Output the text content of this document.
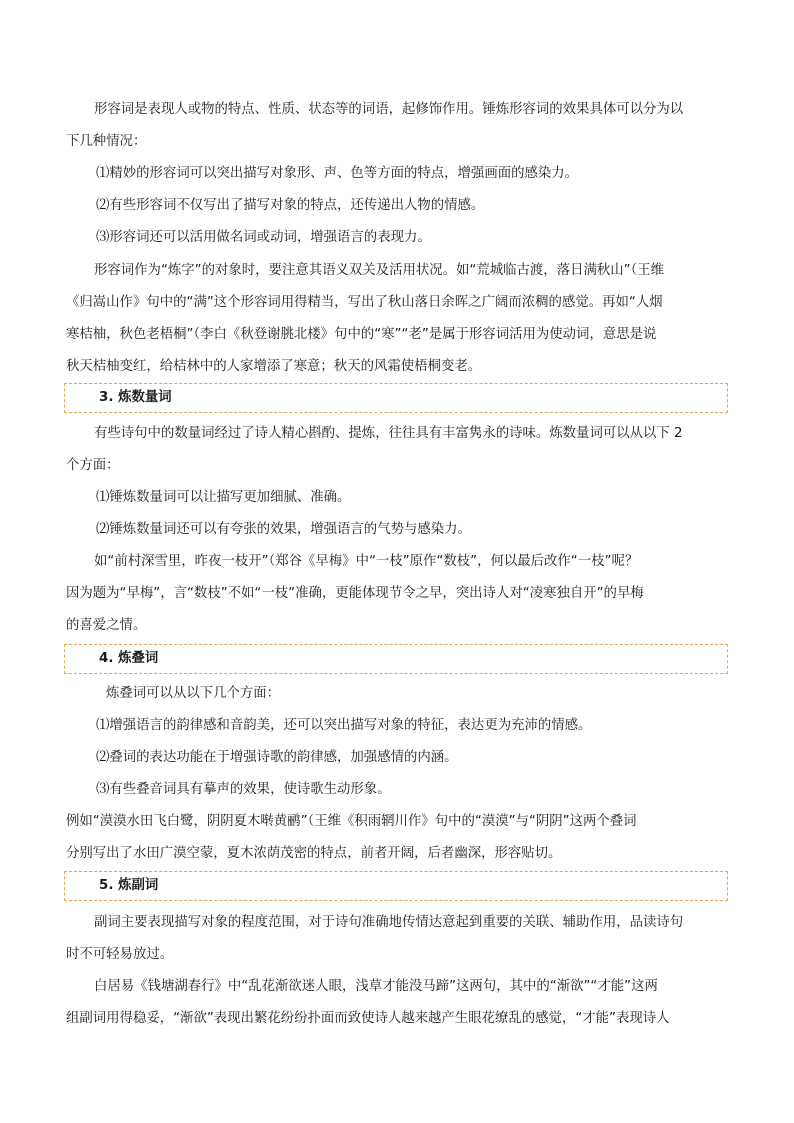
形容词是表现人或物的特点、性质、状态等的词语，起修饰作用。锤炼形容词的效果具体可以分为以

下几种情况：

⑴精妙的形容词可以突出描写对象形、声、色等方面的特点，增强画面的感染力。

⑵有些形容词不仅写出了描写对象的特点，还传递出人物的情感。

⑶形容词还可以活用做名词或动词，增强语言的表现力。

形容词作为“炼字”的对象时，要注意其语义双关及活用状况。如“荒城临古渡，落日满秋山”（王维

《归嵩山作》句中的“满”这个形容词用得精当，写出了秋山落日余晖之广阔而浓稠的感觉。再如“人烟

寒桔柚，秋色老梧桐”（李白《秋登谢朓北楼》句中的“寒”“老”是属于形容词活用为使动词，意思是说

秋天桔柚变红，给桔林中的人家增添了寒意；秋天的风霜使梧桐变老。

3. 炼数量词

有些诗句中的数量词经过了诗人精心斟酌、提炼，往往具有丰富隽永的诗味。炼数量词可以从以下 2

个方面：

⑴锤炼数量词可以让描写更加细腻、准确。

⑵锤炼数量词还可以有夸张的效果，增强语言的气势与感染力。

如“前村深雪里，昨夜一枝开”（郑谷《早梅》中“一枝”原作“数枝”，何以最后改作“一枝”呢？

因为题为“早梅”，言“数枝”不如“一枝”准确，更能体现节令之早，突出诗人对“凌寒独自开”的早梅

的喜爱之情。

4. 炼叠词

炼叠词可以从以下几个方面：

⑴增强语言的韵律感和音韵美，还可以突出描写对象的特征，表达更为充沛的情感。

⑵叠词的表达功能在于增强诗歌的韵律感，加强感情的内涵。

⑶有些叠音词具有摹声的效果，使诗歌生动形象。

例如“漠漠水田飞白鹭，阴阴夏木啭黄鹂”（王维《积雨辋川作》句中的“漠漠”与“阴阴”这两个叠词

分别写出了水田广漠空蒙，夏木浓荫茂密的特点，前者开阔，后者幽深，形容贴切。

5. 炼副词

副词主要表现描写对象的程度范围，对于诗句准确地传情达意起到重要的关联、辅助作用，品读诗句

时不可轻易放过。

白居易《钱塘湖春行》中“乱花渐欲迷人眼，浅草才能没马蹄”这两句，其中的“渐欲”“才能”这两

组副词用得稳妥，“渐欲”表现出繁花纷纷扑面而致使诗人越来越产生眼花缭乱的感觉，“才能”表现诗人
